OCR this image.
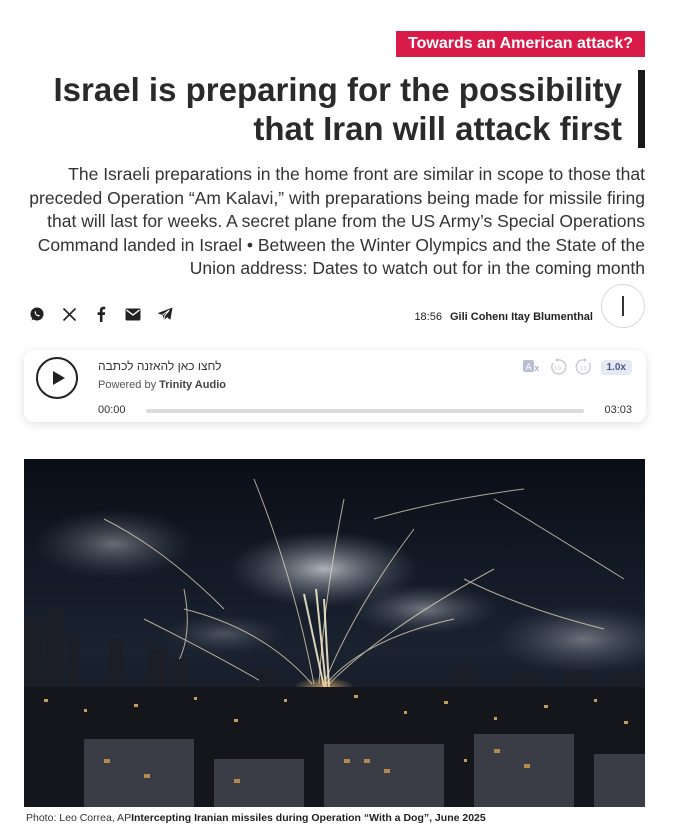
Towards an American attack?
Israel is preparing for the possibility
that Iran will attack first

The Israeli preparations in the home front are similar in scope to those that preceded Operation “Am Kalavi,” with preparations being made for missile firing that will last for weeks. A secret plane from the US Army’s Special Operations Command landed in Israel • Between the Winter Olympics and the State of the Union address: Dates to watch out for in the coming month

18:56 Gili Cohenı Itay Blumenthal
לחצו כאן להאזנה לכתבה
Powered by Trinity Audio
A x	10	10	1.0x
00:00	03:03
Photo: Leo Correa, APIntercepting Iranian missiles during Operation “With a Dog”, June 2025
